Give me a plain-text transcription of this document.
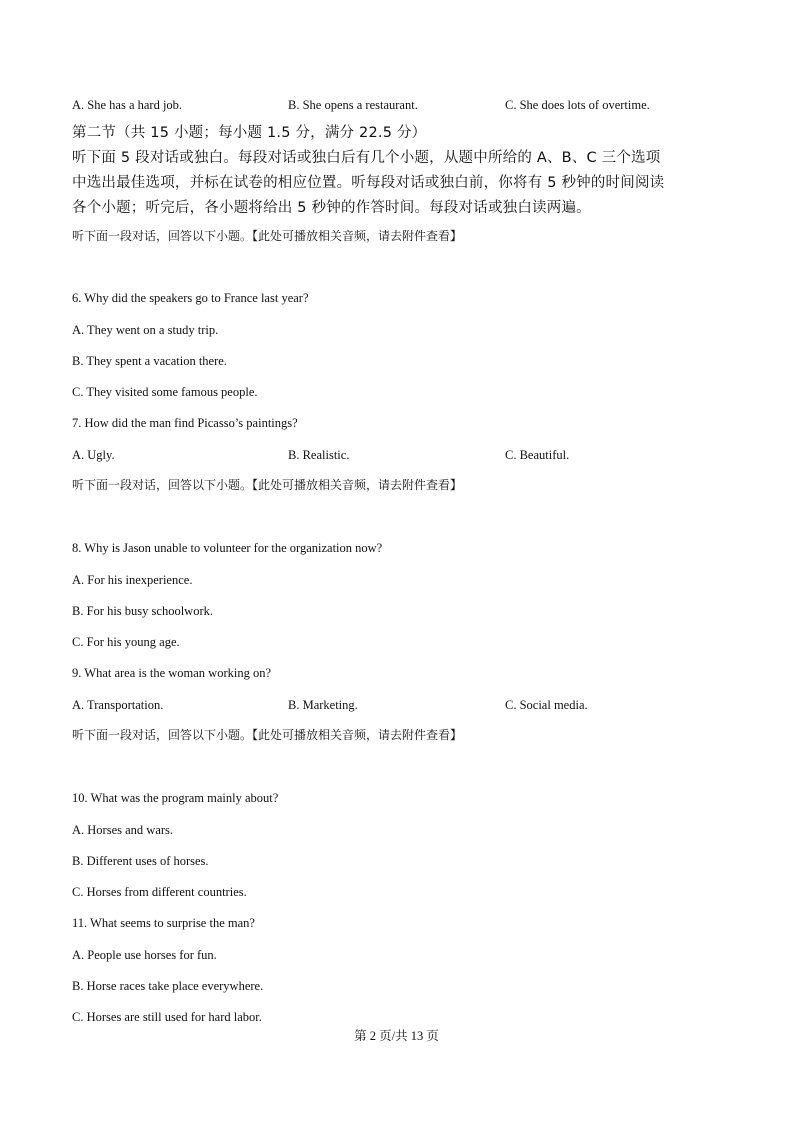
A. She has a hard job.	B. She opens a restaurant.	C. She does lots of overtime.
第二节（共 15 小题；每小题 1.5 分，满分 22.5 分）
听下面 5 段对话或独白。每段对话或独白后有几个小题，从题中所给的 A、B、C 三个选项
中选出最佳选项，并标在试卷的相应位置。听每段对话或独白前，你将有 5 秒钟的时间阅读
各个小题；听完后，各小题将给出 5 秒钟的作答时间。每段对话或独白读两遍。
听下面一段对话，回答以下小题。【此处可播放相关音频，请去附件查看】
6. Why did the speakers go to France last year?
A. They went on a study trip.
B. They spent a vacation there.
C. They visited some famous people.
7. How did the man find Picasso’s paintings?
A. Ugly.	B. Realistic.	C. Beautiful.
听下面一段对话，回答以下小题。【此处可播放相关音频，请去附件查看】
8. Why is Jason unable to volunteer for the organization now?
A. For his inexperience.
B. For his busy schoolwork.
C. For his young age.
9. What area is the woman working on?
A. Transportation.	B. Marketing.	C. Social media.
听下面一段对话，回答以下小题。【此处可播放相关音频，请去附件查看】
10. What was the program mainly about?
A. Horses and wars.
B. Different uses of horses.
C. Horses from different countries.
11. What seems to surprise the man?
A. People use horses for fun.
B. Horse races take place everywhere.
C. Horses are still used for hard labor.
第 2 页/共 13 页
